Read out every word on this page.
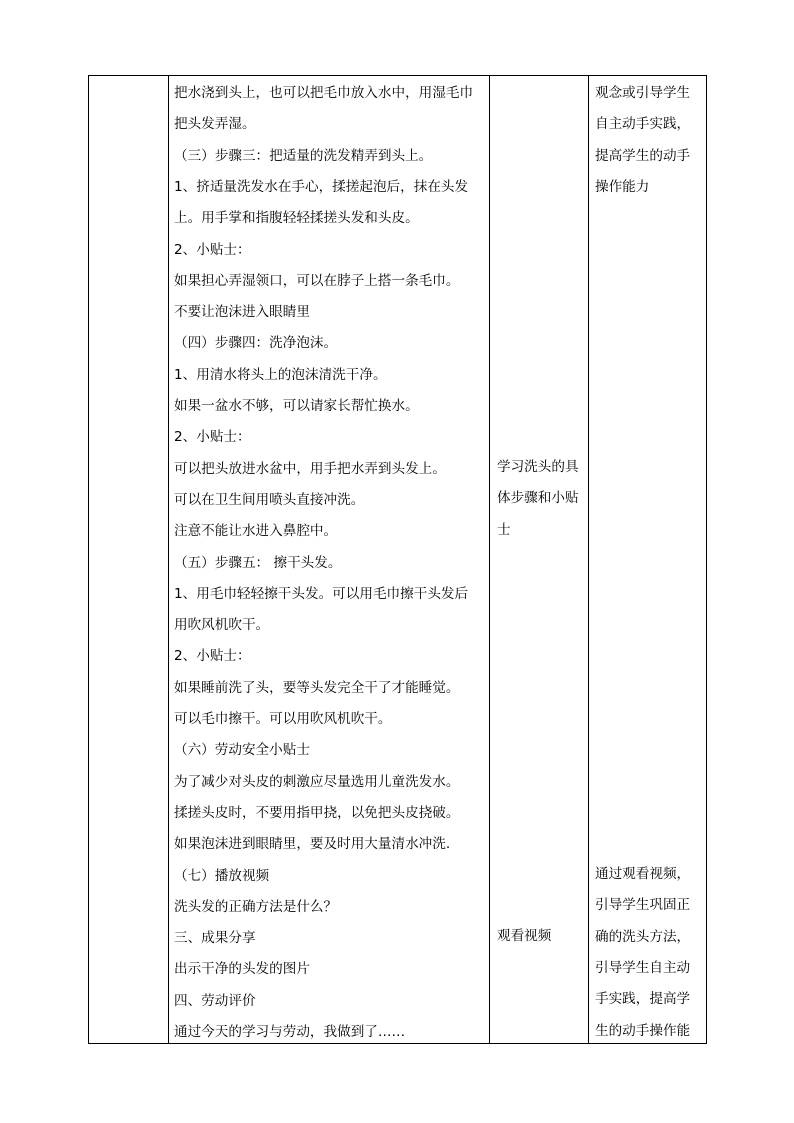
把水浇到头上，也可以把毛巾放入水中，用湿毛巾
把头发弄湿。
（三）步骤三：把适量的洗发精弄到头上。
1、挤适量洗发水在手心，揉搓起泡后，抹在头发
上。用手掌和指腹轻轻揉搓头发和头皮。
2、小贴士：
如果担心弄湿领口，可以在脖子上搭一条毛巾。
不要让泡沫进入眼睛里
（四）步骤四：洗净泡沫。
1、用清水将头上的泡沫清洗干净。
如果一盆水不够，可以请家长帮忙换水。
2、小贴士：
可以把头放进水盆中，用手把水弄到头发上。
可以在卫生间用喷头直接冲洗。
注意不能让水进入鼻腔中。
（五）步骤五： 擦干头发。
1、用毛巾轻轻擦干头发。可以用毛巾擦干头发后
用吹风机吹干。
2、小贴士：
如果睡前洗了头，要等头发完全干了才能睡觉。
可以毛巾擦干。可以用吹风机吹干。
（六）劳动安全小贴士
为了减少对头皮的刺激应尽量选用儿童洗发水。
揉搓头皮时，不要用指甲挠，以免把头皮挠破。
如果泡沫进到眼睛里，要及时用大量清水冲洗.
（七）播放视频
洗头发的正确方法是什么？
三、成果分享
出示干净的头发的图片
四、劳动评价
通过今天的学习与劳动，我做到了……
学习洗头的具
体步骤和小贴
士
观看视频
观念或引导学生
自主动手实践，
提高学生的动手
操作能力
通过观看视频，
引导学生巩固正
确的洗头方法，
引导学生自主动
手实践，提高学
生的动手操作能
